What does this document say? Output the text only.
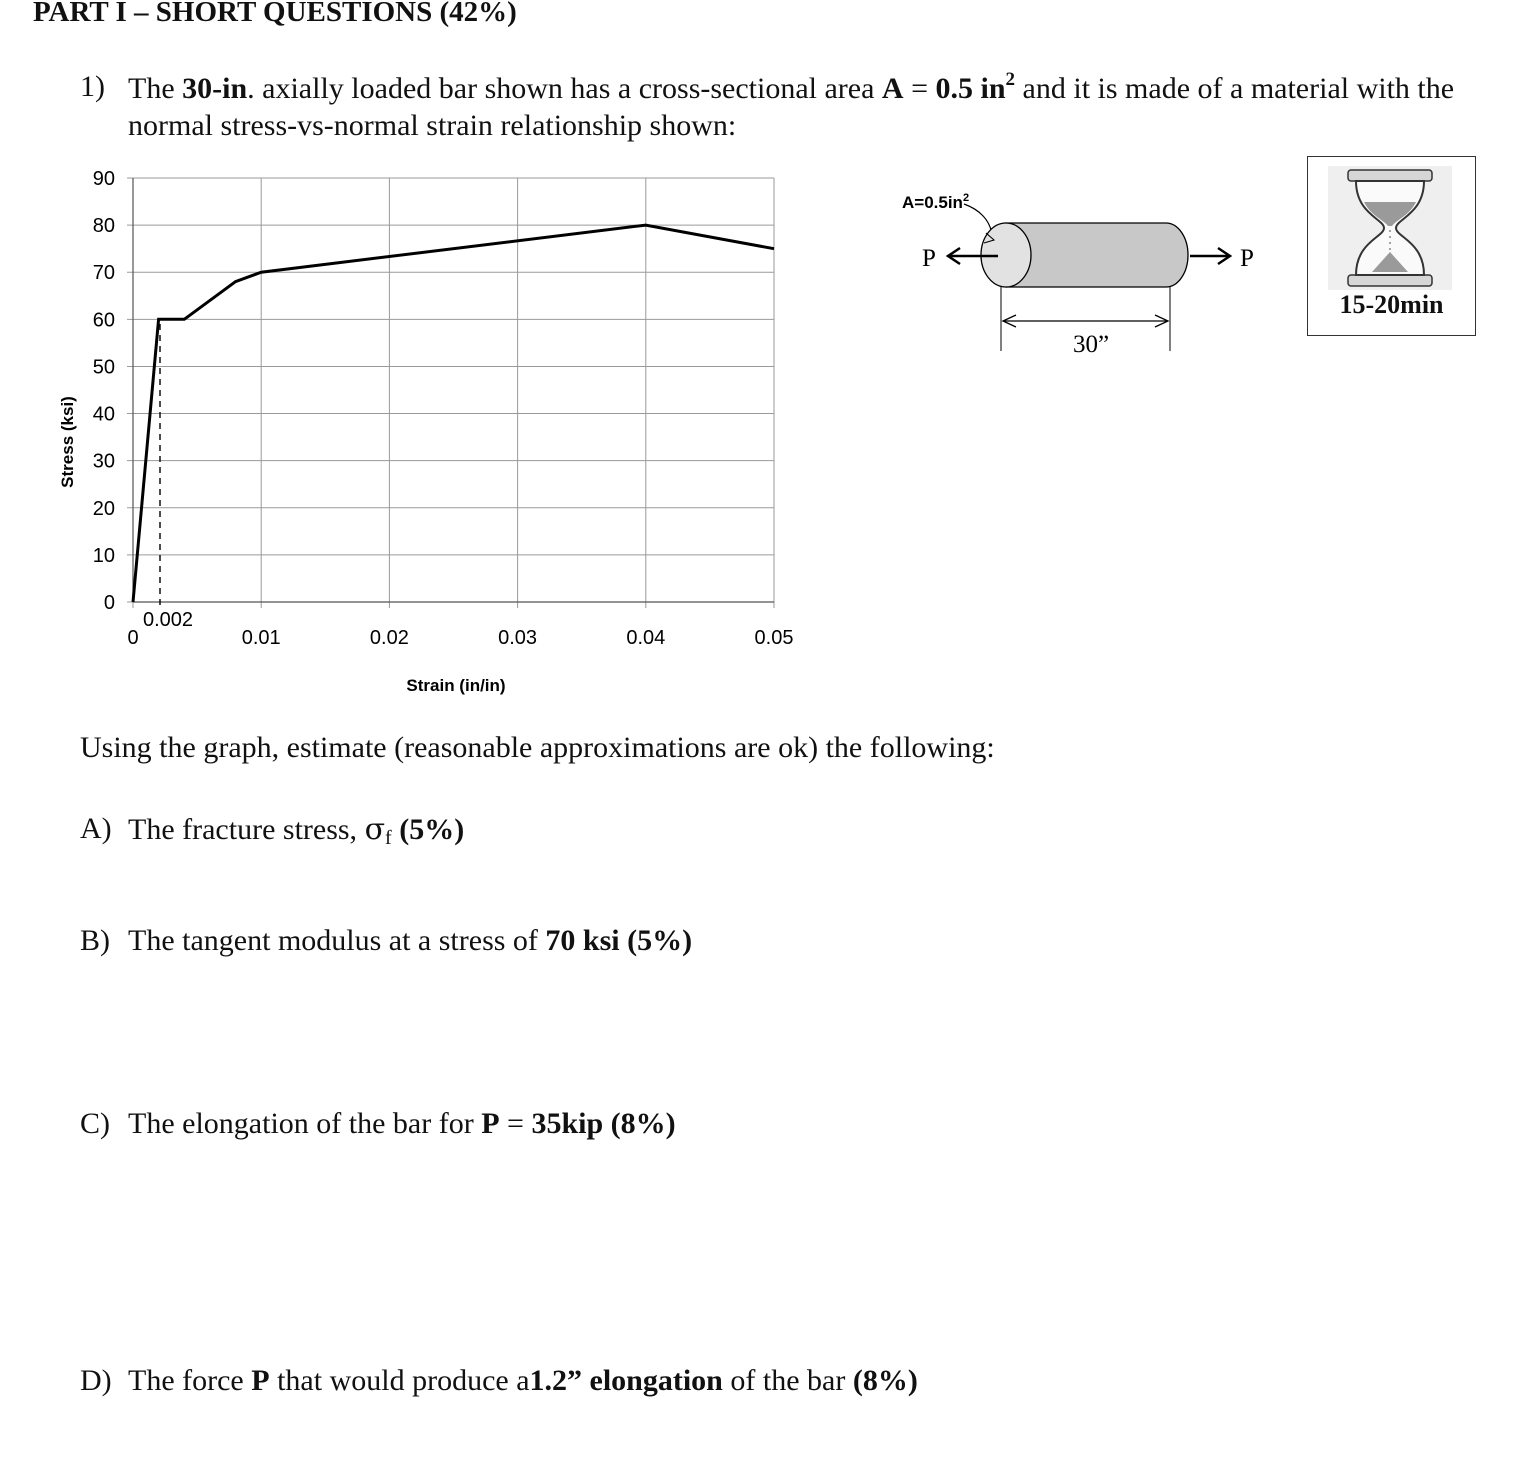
PART I – SHORT QUESTIONS (42%)
1) The 30-in. axially loaded bar shown has a cross-sectional area A = 0.5 $in^2$ and it is made of a material with the normal stress-vs-normal strain relationship shown:
0
10
20
30
40
50
60
70
80
90
0	0.01	0.02	0.03	0.04	0.05
0.002
Strain (in/in)
Stress (ksi)
$A=0.5in^2$
P	P
30”
15-20min
Using the graph, estimate (reasonable approximations are ok) the following:
A) The fracture stress, σf (5%)
B) The tangent modulus at a stress of 70 ksi (5%)
C) The elongation of the bar for P = 35kip (8%)
D) The force P that would produce a1.2” elongation of the bar (8%)
